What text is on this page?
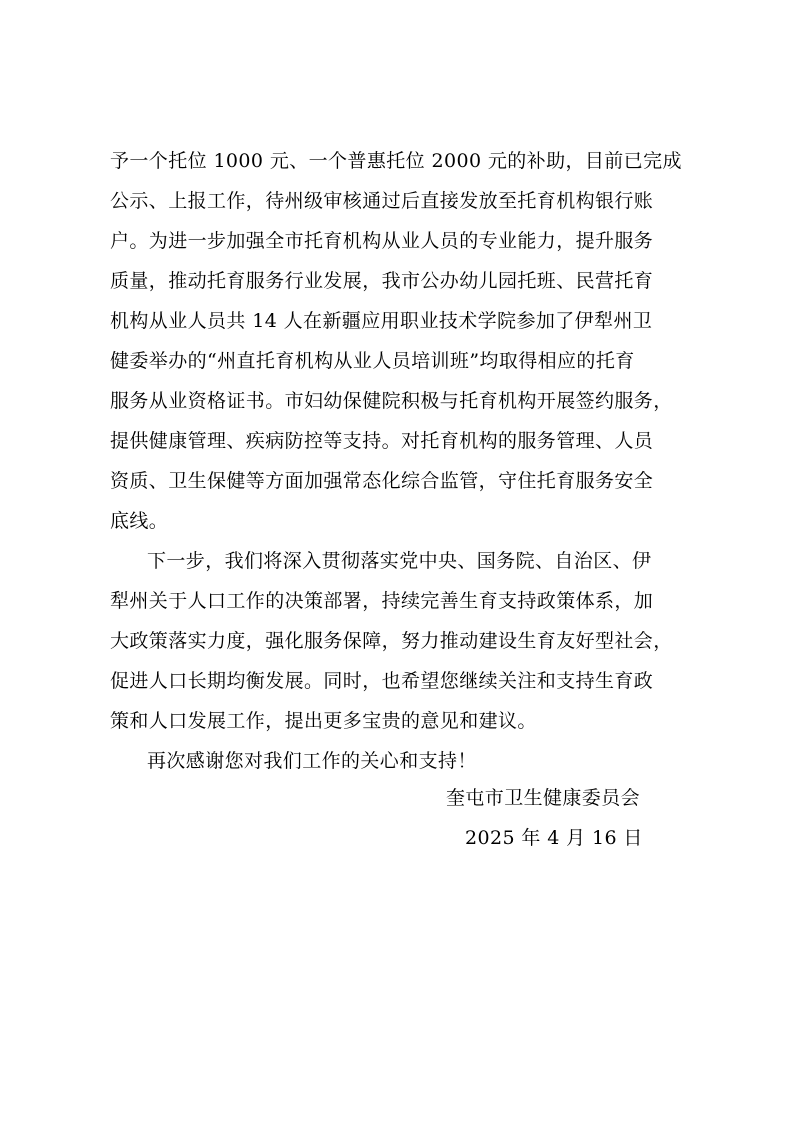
予一个托位 1000 元、一个普惠托位 2000 元的补助，目前已完成
公示、上报工作，待州级审核通过后直接发放至托育机构银行账
户。为进一步加强全市托育机构从业人员的专业能力，提升服务
质量，推动托育服务行业发展，我市公办幼儿园托班、民营托育
机构从业人员共 14 人在新疆应用职业技术学院参加了伊犁州卫
健委举办的“州直托育机构从业人员培训班”均取得相应的托育
服务从业资格证书。市妇幼保健院积极与托育机构开展签约服务，
提供健康管理、疾病防控等支持。对托育机构的服务管理、人员
资质、卫生保健等方面加强常态化综合监管，守住托育服务安全
底线。
下一步，我们将深入贯彻落实党中央、国务院、自治区、伊
犁州关于人口工作的决策部署，持续完善生育支持政策体系，加
大政策落实力度，强化服务保障，努力推动建设生育友好型社会，
促进人口长期均衡发展。同时，也希望您继续关注和支持生育政
策和人口发展工作，提出更多宝贵的意见和建议。
再次感谢您对我们工作的关心和支持！
奎屯市卫生健康委员会
2025 年 4 月 16 日
